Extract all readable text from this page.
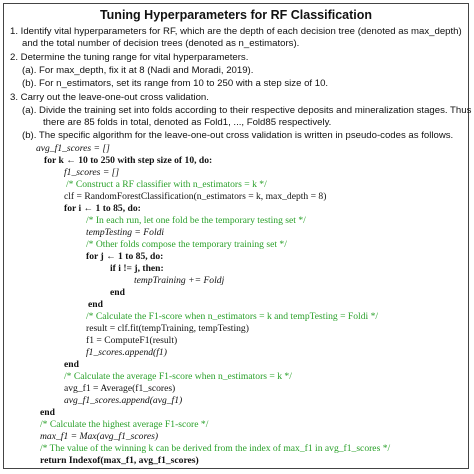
Tuning Hyperparameters for RF Classification
1. Identify vital hyperparameters for RF, which are the depth of each decision tree (denoted as max_depth)
and the total number of decision trees (denoted as n_estimators).
2. Determine the tuning range for vital hyperparameters.
(a). For max_depth, fix it at 8 (Nadi and Moradi, 2019).
(b). For n_estimators, set its range from 10 to 250 with a step size of 10.
3. Carry out the leave-one-out cross validation.
(a). Divide the training set into folds according to their respective deposits and mineralization stages. Thus
there are 85 folds in total, denoted as Fold1, ..., Fold85 respectively.
(b). The specific algorithm for the leave-one-out cross validation is written in pseudo-codes as follows.
avg_f1_scores = []
for k ← 10 to 250 with step size of 10, do:
f1_scores = []
/* Construct a RF classifier with n_estimators = k */
clf = RandomForestClassification(n_estimators = k, max_depth = 8)
for i ← 1 to 85, do:
/* In each run, let one fold be the temporary testing set */
tempTesting = Foldi
/* Other folds compose the temporary training set */
for j ← 1 to 85, do:
if i != j, then:
tempTraining += Foldj
end
end
/* Calculate the F1-score when n_estimators = k and tempTesting = Foldi */
result = clf.fit(tempTraining, tempTesting)
f1 = ComputeF1(result)
f1_scores.append(f1)
end
/* Calculate the average F1-score when n_estimators = k */
avg_f1 = Average(f1_scores)
avg_f1_scores.append(avg_f1)
end
/* Calculate the highest average F1-score */
max_f1 = Max(avg_f1_scores)
/* The value of the winning k can be derived from the index of max_f1 in avg_f1_scores */
return Indexof(max_f1, avg_f1_scores)
